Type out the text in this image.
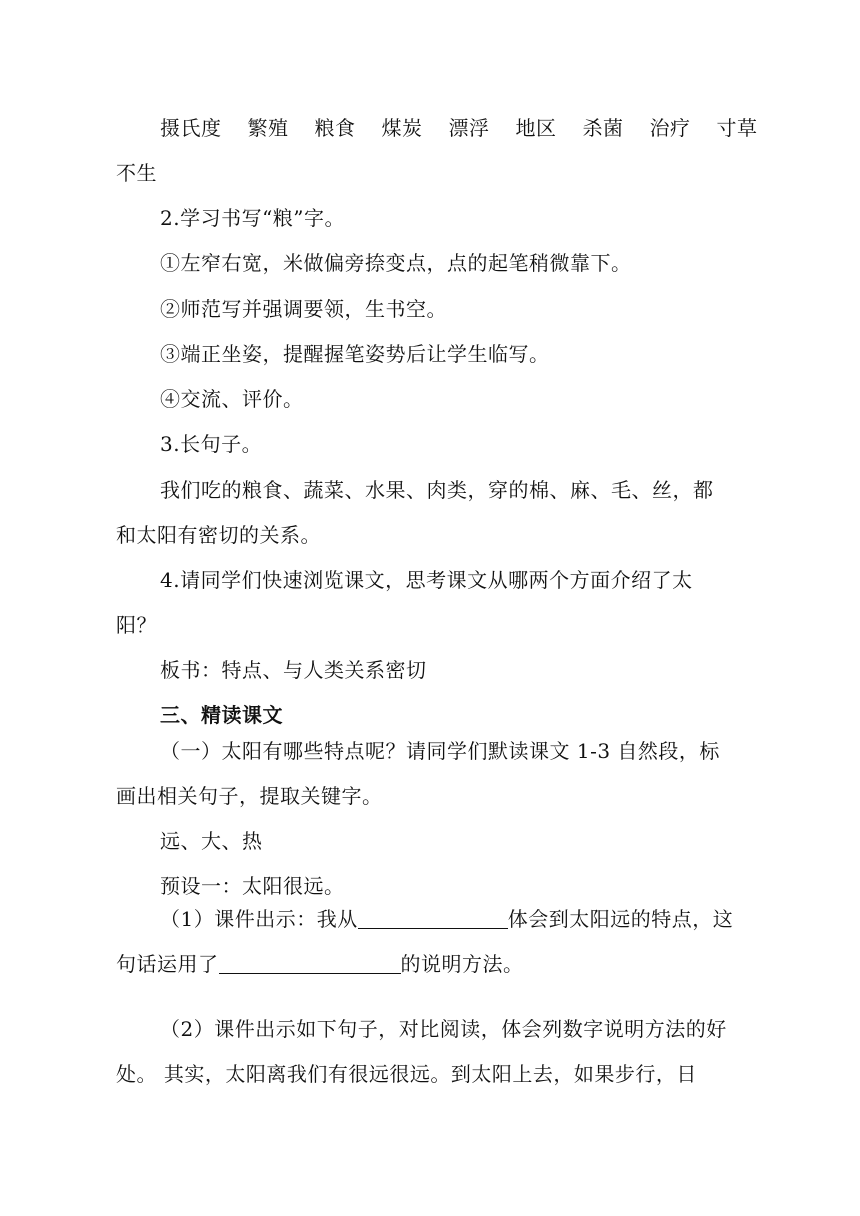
摄氏度 繁殖 粮食 煤炭 漂浮 地区 杀菌 治疗 寸草
不生
2.学习书写“粮”字。
①左窄右宽，米做偏旁捺变点，点的起笔稍微靠下。
②师范写并强调要领，生书空。
③端正坐姿，提醒握笔姿势后让学生临写。
④交流、评价。
3.长句子。
我们吃的粮食、蔬菜、水果、肉类，穿的棉、麻、毛、丝，都
和太阳有密切的关系。
4.请同学们快速浏览课文，思考课文从哪两个方面介绍了太
阳？
板书：特点、与人类关系密切
三、精读课文
（一）太阳有哪些特点呢？请同学们默读课文 1-3 自然段，标
画出相关句子，提取关键字。
远、大、热
预设一：太阳很远。
（1）课件出示：我从	体会到太阳远的特点，这
句话运用了	的说明方法。
（2）课件出示如下句子，对比阅读，体会列数字说明方法的好
处。 其实，太阳离我们有很远很远。到太阳上去，如果步行，日
